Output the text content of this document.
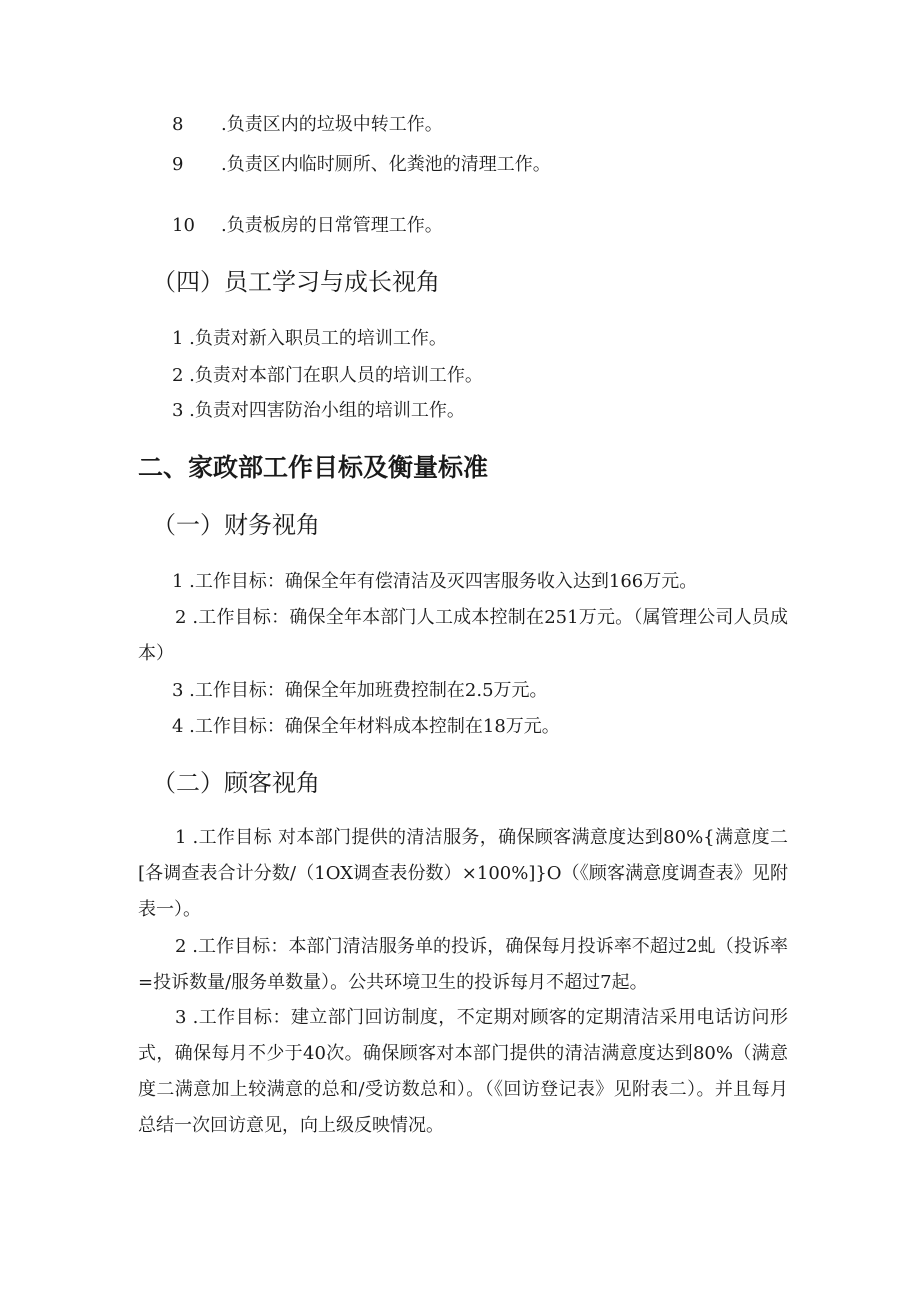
8 .负责区内的垃圾中转工作。
9 .负责区内临时厕所、化粪池的清理工作。
10 .负责板房的日常管理工作。
（四）员工学习与成长视角
1 .负责对新入职员工的培训工作。
2 .负责对本部门在职人员的培训工作。
3 .负责对四害防治小组的培训工作。
二、家政部工作目标及衡量标准
（一）财务视角
1 .工作目标：确保全年有偿清洁及灭四害服务收入达到166万元。
2 .工作目标：确保全年本部门人工成本控制在251万元。（属管理公司人员成本）
3 .工作目标：确保全年加班费控制在2.5万元。
4 .工作目标：确保全年材料成本控制在18万元。
（二）顾客视角
1 .工作目标 对本部门提供的清洁服务，确保顾客满意度达到80%{满意度二[各调查表合计分数/（1OX调查表份数）×100%]}O（《顾客满意度调查表》见附表一）。
2 .工作目标：本部门清洁服务单的投诉，确保每月投诉率不超过2虬（投诉率=投诉数量/服务单数量）。公共环境卫生的投诉每月不超过7起。
3 .工作目标：建立部门回访制度，不定期对顾客的定期清洁采用电话访问形式，确保每月不少于40次。确保顾客对本部门提供的清洁满意度达到80%（满意度二满意加上较满意的总和/受访数总和）。（《回访登记表》见附表二）。并且每月总结一次回访意见，向上级反映情况。
